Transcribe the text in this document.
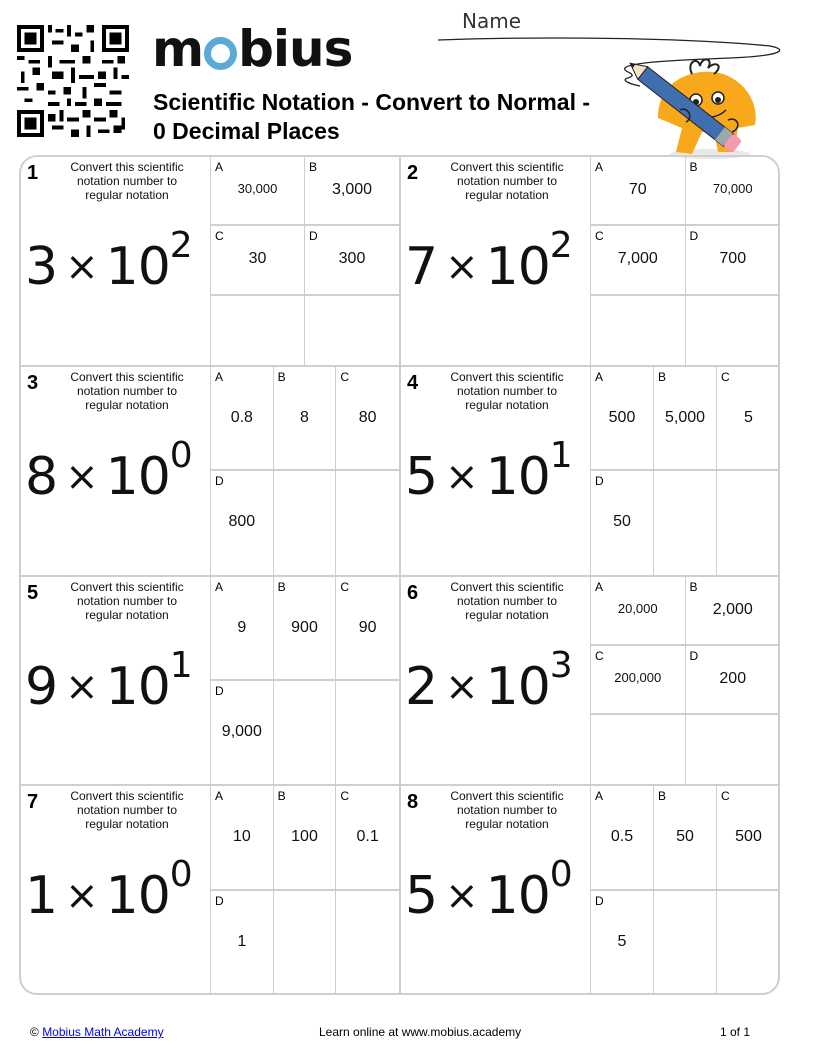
m bius
Scientific Notation - Convert to Normal -
0 Decimal Places
Name
1	Convert this scientific notation number to regular notation
$3 \times 10^2$
A
30,000
B
3,000
C
30
D
300
2	Convert this scientific notation number to regular notation
$7 \times 10^2$
A
70
B
70,000
C
7,000
D
700
3	Convert this scientific notation number to regular notation
$8 \times 10^0$
A
0.8
B
8
C
80
D
800
4	Convert this scientific notation number to regular notation
$5 \times 10^1$
A
500
B
5,000
C
5
D
50
5	Convert this scientific notation number to regular notation
$9 \times 10^1$
A
9
B
900
C
90
D
9,000
6	Convert this scientific notation number to regular notation
$2 \times 10^3$
A
20,000
B
2,000
C
200,000
D
200
7	Convert this scientific notation number to regular notation
$1 \times 10^0$
A
10
B
100
C
0.1
D
1
8	Convert this scientific notation number to regular notation
$5 \times 10^0$
A
0.5
B
50
C
500
D
5
© Mobius Math Academy	Learn online at www.mobius.academy	1 of 1
